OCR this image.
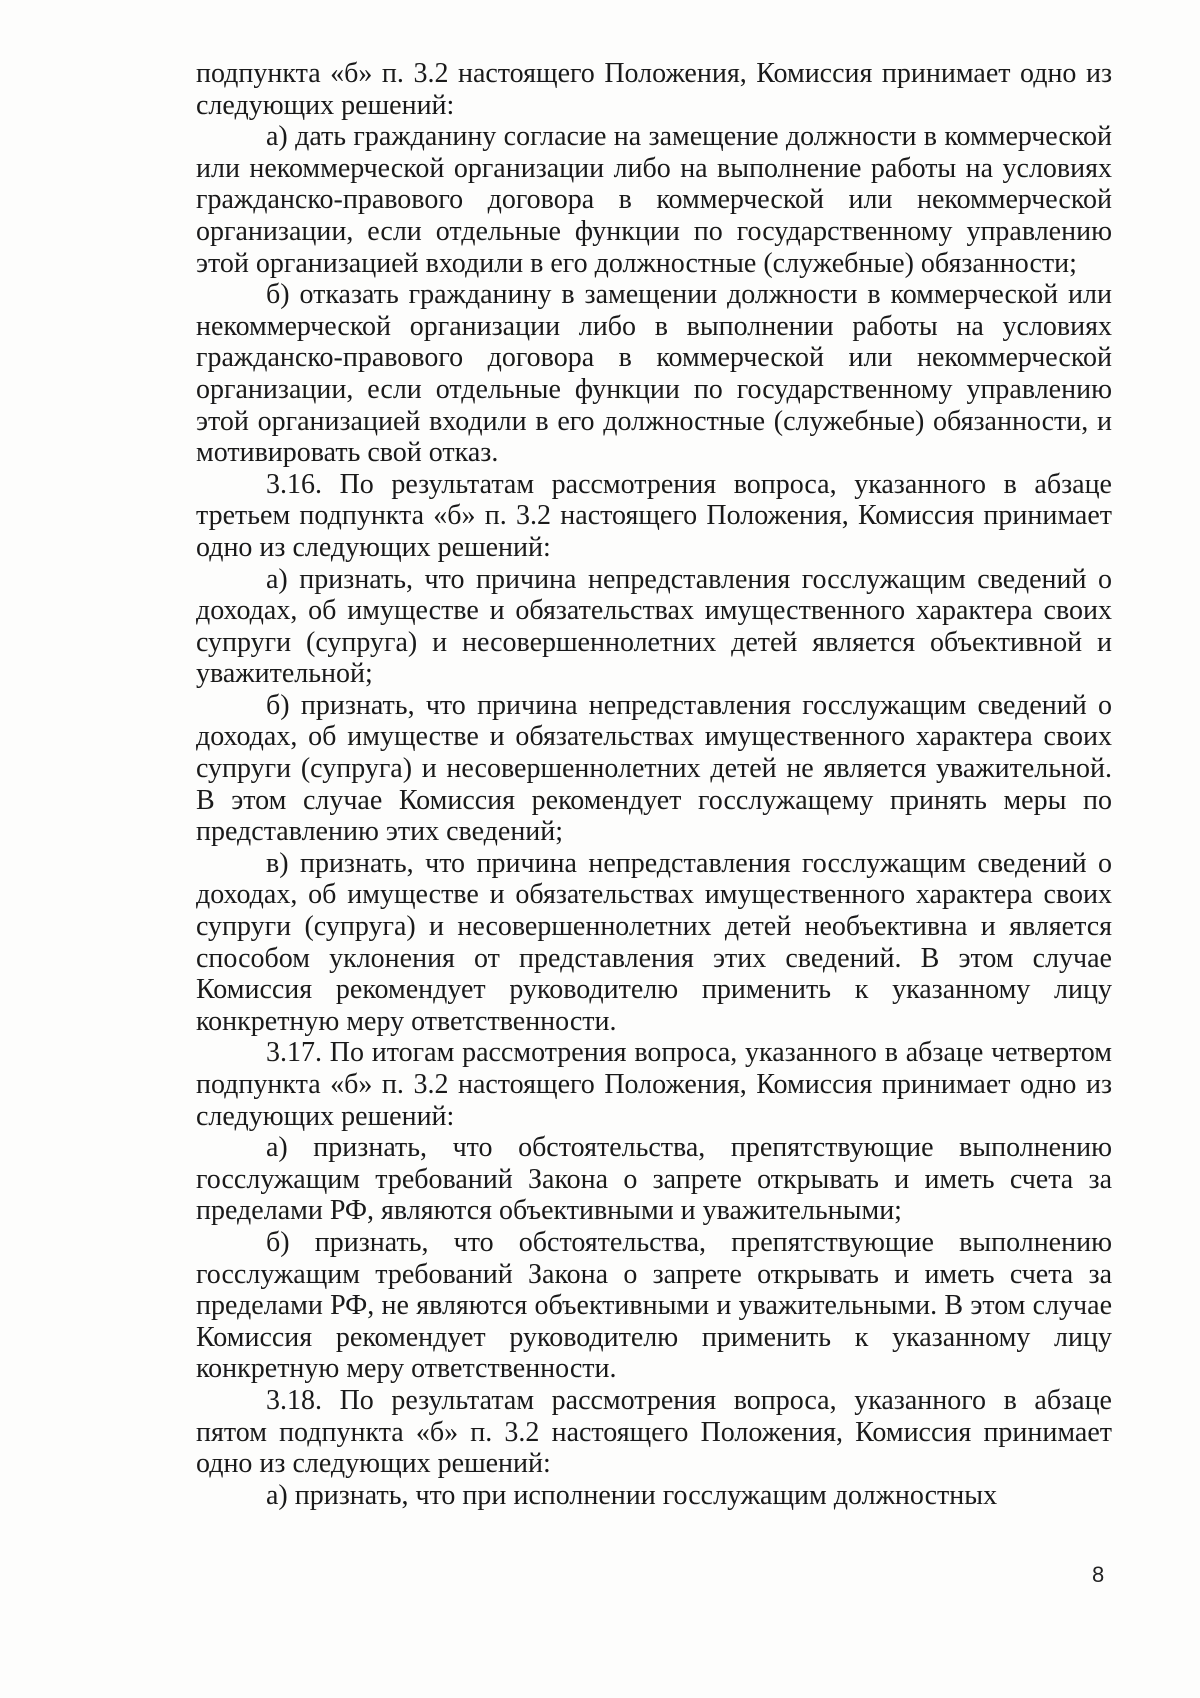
подпункта «б» п. 3.2 настоящего Положения, Комиссия принимает одно из следующих решений:

а) дать гражданину согласие на замещение должности в коммерческой или некоммерческой организации либо на выполнение работы на условиях гражданско-правового договора в коммерческой или некоммерческой организации, если отдельные функции по государственному управлению этой организацией входили в его должностные (служебные) обязанности;

б) отказать гражданину в замещении должности в коммерческой или некоммерческой организации либо в выполнении работы на условиях гражданско-правового договора в коммерческой или некоммерческой организации, если отдельные функции по государственному управлению этой организацией входили в его должностные (служебные) обязанности, и мотивировать свой отказ.

3.16. По результатам рассмотрения вопроса, указанного в абзаце третьем подпункта «б» п. 3.2 настоящего Положения, Комиссия принимает одно из следующих решений:

а) признать, что причина непредставления госслужащим сведений о доходах, об имуществе и обязательствах имущественного характера своих супруги (супруга) и несовершеннолетних детей является объективной и уважительной;

б) признать, что причина непредставления госслужащим сведений о доходах, об имуществе и обязательствах имущественного характера своих супруги (супруга) и несовершеннолетних детей не является уважительной. В этом случае Комиссия рекомендует госслужащему принять меры по представлению этих сведений;

в) признать, что причина непредставления госслужащим сведений о доходах, об имуществе и обязательствах имущественного характера своих супруги (супруга) и несовершеннолетних детей необъективна и является способом уклонения от представления этих сведений. В этом случае Комиссия рекомендует руководителю применить к указанному лицу конкретную меру ответственности.

3.17. По итогам рассмотрения вопроса, указанного в абзаце четвертом подпункта «б» п. 3.2 настоящего Положения, Комиссия принимает одно из следующих решений:

а) признать, что обстоятельства, препятствующие выполнению госслужащим требований Закона о запрете открывать и иметь счета за пределами РФ, являются объективными и уважительными;

б) признать, что обстоятельства, препятствующие выполнению госслужащим требований Закона о запрете открывать и иметь счета за пределами РФ, не являются объективными и уважительными. В этом случае Комиссия рекомендует руководителю применить к указанному лицу конкретную меру ответственности.

3.18. По результатам рассмотрения вопроса, указанного в абзаце пятом подпункта «б» п. 3.2 настоящего Положения, Комиссия принимает одно из следующих решений:

а) признать, что при исполнении госслужащим должностных

8
